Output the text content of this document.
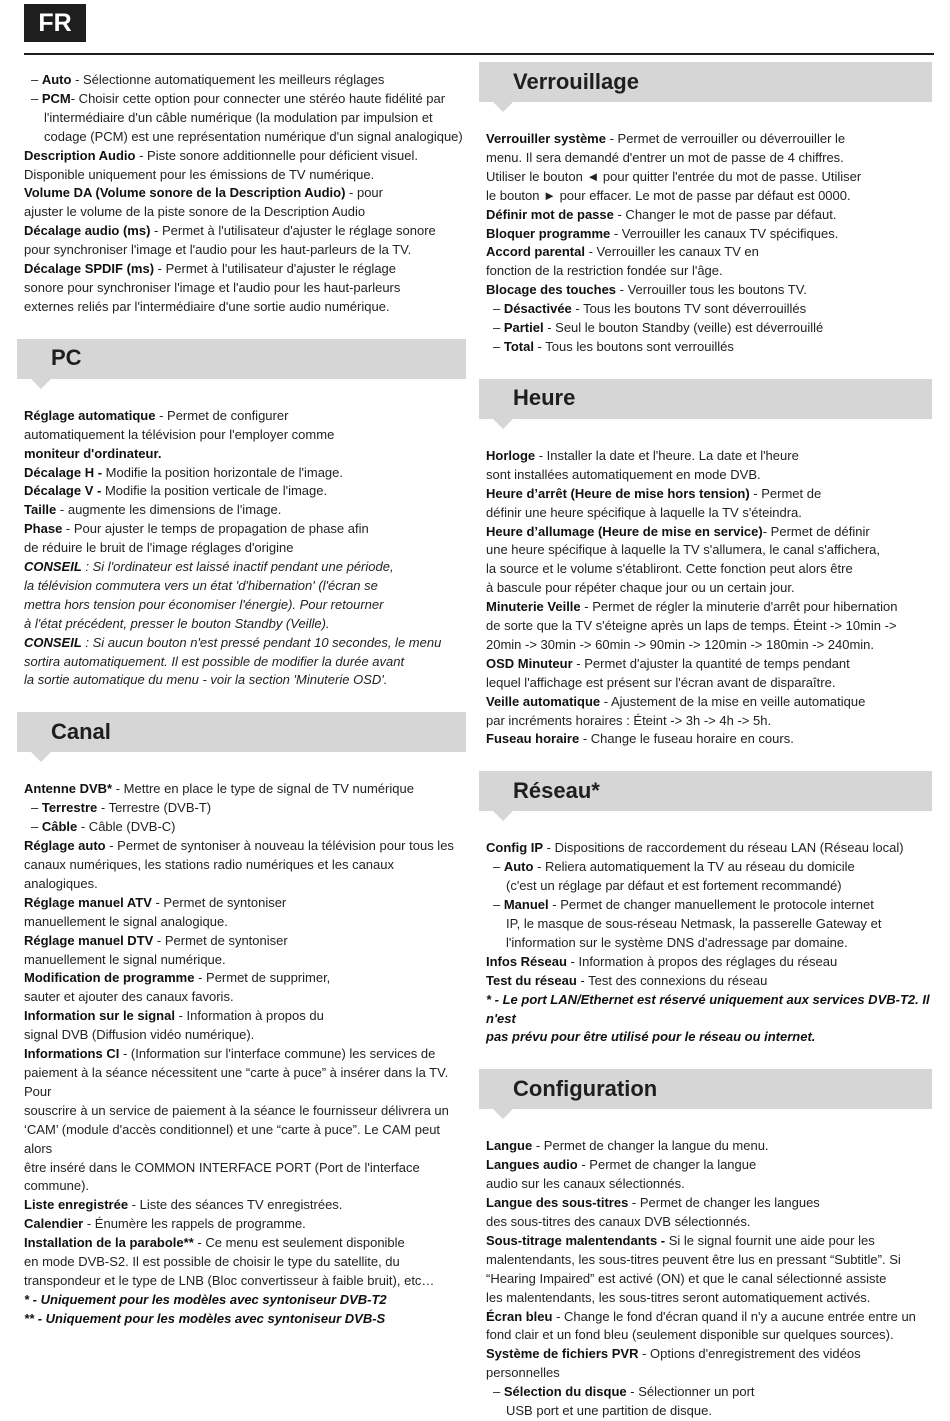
FR

– Auto - Sélectionne automatiquement les meilleurs réglages

– PCM- Choisir cette option pour connecter une stéréo haute fidélité par

l'intermédiaire d'un câble numérique (la modulation par impulsion et

codage (PCM) est une représentation numérique d'un signal analogique)

Description Audio - Piste sonore additionnelle pour déficient visuel.

Disponible uniquement pour les émissions de TV numérique.

Volume DA (Volume sonore de la Description Audio) - pour

ajuster le volume de la piste sonore de la Description Audio

Décalage audio (ms) - Permet à l'utilisateur d'ajuster le réglage sonore

pour synchroniser l'image et l'audio pour les haut-parleurs de la TV.

Décalage SPDIF (ms) - Permet à l'utilisateur d'ajuster le réglage

sonore pour synchroniser l'image et l'audio pour les haut-parleurs

externes reliés par l'intermédiaire d'une sortie audio numérique.

PC

Réglage automatique - Permet de configurer

automatiquement la télévision pour l'employer comme

moniteur d'ordinateur.

Décalage H - Modifie la position horizontale de l'image.

Décalage V - Modifie la position verticale de l'image.

Taille - augmente les dimensions de l'image.

Phase - Pour ajuster le temps de propagation de phase afin

de réduire le bruit de l'image réglages d'origine

CONSEIL : Si l'ordinateur est laissé inactif pendant une période,

la télévision commutera vers un état 'd'hibernation' (l'écran se

mettra hors tension pour économiser l'énergie). Pour retourner

à l'état précédent, presser le bouton Standby (Veille).

CONSEIL : Si aucun bouton n'est pressé pendant 10 secondes, le menu

sortira automatiquement. Il est possible de modifier la durée avant

la sortie automatique du menu - voir la section 'Minuterie OSD'.

Canal

Antenne DVB* - Mettre en place le type de signal de TV numérique

– Terrestre - Terrestre (DVB-T)

– Câble - Câble (DVB-C)

Réglage auto - Permet de syntoniser à nouveau la télévision pour tous les

canaux numériques, les stations radio numériques et les canaux analogiques.

Réglage manuel ATV - Permet de syntoniser

manuellement le signal analogique.

Réglage manuel DTV - Permet de syntoniser

manuellement le signal numérique.

Modification de programme - Permet de supprimer,

sauter et ajouter des canaux favoris.

Information sur le signal - Information à propos du

signal DVB (Diffusion vidéo numérique).

Informations CI - (Information sur l'interface commune) les services de

paiement à la séance nécessitent une “carte à puce” à insérer dans la TV. Pour

souscrire à un service de paiement à la séance le fournisseur délivrera un

‘CAM’ (module d'accès conditionnel) et une “carte à puce”. Le CAM peut alors

être inséré dans le COMMON INTERFACE PORT (Port de l'interface commune).

Liste enregistrée - Liste des séances TV enregistrées.

Calendier - Énumère les rappels de programme.

Installation de la parabole** - Ce menu est seulement disponible

en mode DVB-S2. Il est possible de choisir le type du satellite, du

transpondeur et le type de LNB (Bloc convertisseur à faible bruit), etc…

* - Uniquement pour les modèles avec syntoniseur DVB-T2

** - Uniquement pour les modèles avec syntoniseur DVB-S

Verrouillage

Verrouiller système - Permet de verrouiller ou déverrouiller le

menu. Il sera demandé d'entrer un mot de passe de 4 chiffres.

Utiliser le bouton ◄ pour quitter l'entrée du mot de passe. Utiliser

le bouton ► pour effacer. Le mot de passe par défaut est 0000.

Définir mot de passe - Changer le mot de passe par défaut.

Bloquer programme - Verrouiller les canaux TV spécifiques.

Accord parental - Verrouiller les canaux TV en

fonction de la restriction fondée sur l'âge.

Blocage des touches - Verrouiller tous les boutons TV.

– Désactivée - Tous les boutons TV sont déverrouillés

– Partiel - Seul le bouton Standby (veille) est déverrouillé

– Total - Tous les boutons sont verrouillés

Heure

Horloge - Installer la date et l'heure. La date et l'heure

sont installées automatiquement en mode DVB.

Heure d’arrêt (Heure de mise hors tension) - Permet de

définir une heure spécifique à laquelle la TV s'éteindra.

Heure d’allumage (Heure de mise en service)- Permet de définir

une heure spécifique à laquelle la TV s'allumera, le canal s'affichera,

la source et le volume s'établiront. Cette fonction peut alors être

à bascule pour répéter chaque jour ou un certain jour.

Minuterie Veille - Permet de régler la minuterie d'arrêt pour hibernation

de sorte que la TV s'éteigne après un laps de temps. Éteint -> 10min ->

20min -> 30min -> 60min -> 90min -> 120min -> 180min -> 240min.

OSD Minuteur - Permet d'ajuster la quantité de temps pendant

lequel l'affichage est présent sur l'écran avant de disparaître.

Veille automatique - Ajustement de la mise en veille automatique

par incréments horaires : Éteint -> 3h -> 4h -> 5h.

Fuseau horaire - Change le fuseau horaire en cours.

Réseau*

Config IP - Dispositions de raccordement du réseau LAN (Réseau local)

– Auto - Reliera automatiquement la TV au réseau du domicile

(c'est un réglage par défaut et est fortement recommandé)

– Manuel - Permet de changer manuellement le protocole internet

IP, le masque de sous-réseau Netmask, la passerelle Gateway et

l'information sur le système DNS d'adressage par domaine.

Infos Réseau - Information à propos des réglages du réseau

Test du réseau - Test des connexions du réseau

* - Le port LAN/Ethernet est réservé uniquement aux services DVB-T2. Il n'est

pas prévu pour être utilisé pour le réseau ou internet.

Configuration

Langue - Permet de changer la langue du menu.

Langues audio - Permet de changer la langue

audio sur les canaux sélectionnés.

Langue des sous-titres - Permet de changer les langues

des sous-titres des canaux DVB sélectionnés.

Sous-titrage malentendants - Si le signal fournit une aide pour les

malentendants, les sous-titres peuvent être lus en pressant “Subtitle”. Si

“Hearing Impaired” est activé (ON) et que le canal sélectionné assiste

les malentendants, les sous-titres seront automatiquement activés.

Écran bleu - Change le fond d'écran quand il n'y a aucune entrée entre un

fond clair et un fond bleu (seulement disponible sur quelques sources).

Système de fichiers PVR - Options d'enregistrement des vidéos personnelles

– Sélection du disque - Sélectionner un port

USB port et une partition de disque.
